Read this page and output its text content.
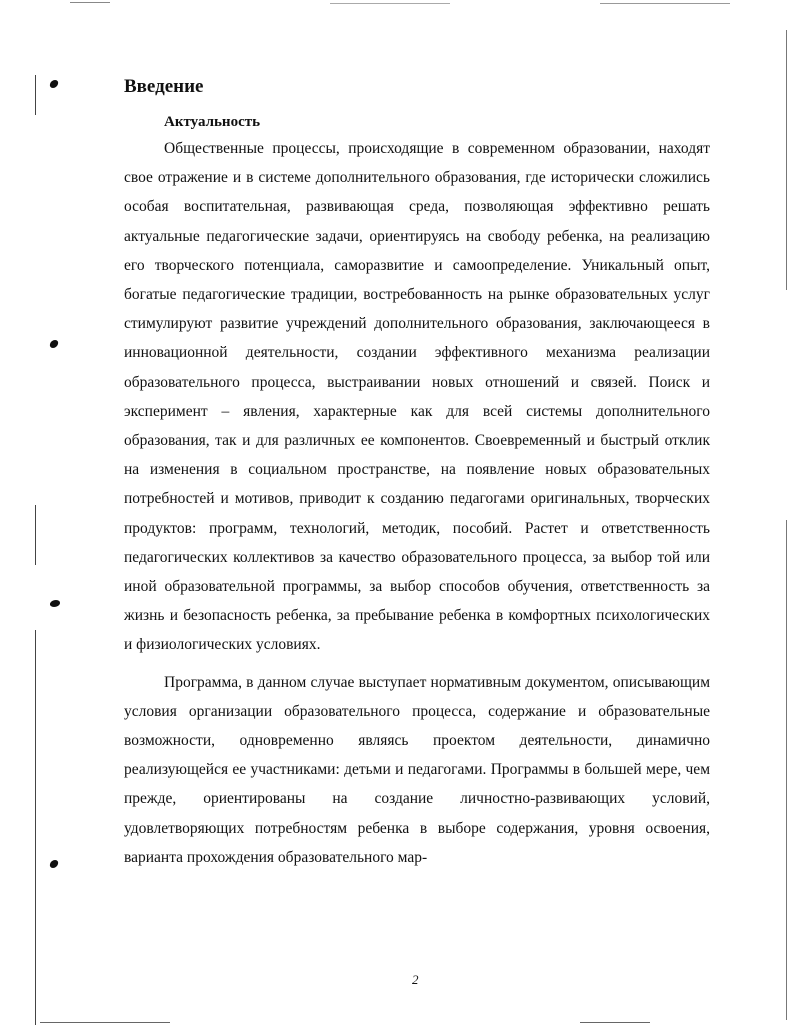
Введение
Актуальность

Общественные процессы, происходящие в современном образовании, находят свое отражение и в системе дополнительного образования, где исторически сложились особая воспитательная, развивающая среда, позволяющая эффективно решать актуальные педагогические задачи, ориентируясь на свободу ребенка, на реализацию его творческого потенциала, саморазвитие и самоопределение. Уникальный опыт, богатые педагогические традиции, востребованность на рынке образовательных услуг стимулируют развитие учреждений дополнительного образования, заключающееся в инновационной деятельности, создании эффективного механизма реализации образовательного процесса, выстраивании новых отношений и связей. Поиск и эксперимент – явления, характерные как для всей системы дополнительного образования, так и для различных ее компонентов. Своевременный и быстрый отклик на изменения в социальном пространстве, на появление новых образовательных потребностей и мотивов, приводит к созданию педагогами оригинальных, творческих продуктов: программ, технологий, методик, пособий. Растет и ответственность педагогических коллективов за качество образовательного процесса, за выбор той или иной образовательной программы, за выбор способов обучения, ответственность за жизнь и безопасность ребенка, за пребывание ребенка в комфортных психологических и физиологических условиях.

Программа, в данном случае выступает нормативным документом, описывающим условия организации образовательного процесса, содержание и образовательные возможности, одновременно являясь проектом деятельности, динамично реализующейся ее участниками: детьми и педагогами. Программы в большей мере, чем прежде, ориентированы на создание личностно-развивающих условий, удовлетворяющих потребностям ребенка в выборе содержания, уровня освоения, варианта прохождения образовательного мар-

2
